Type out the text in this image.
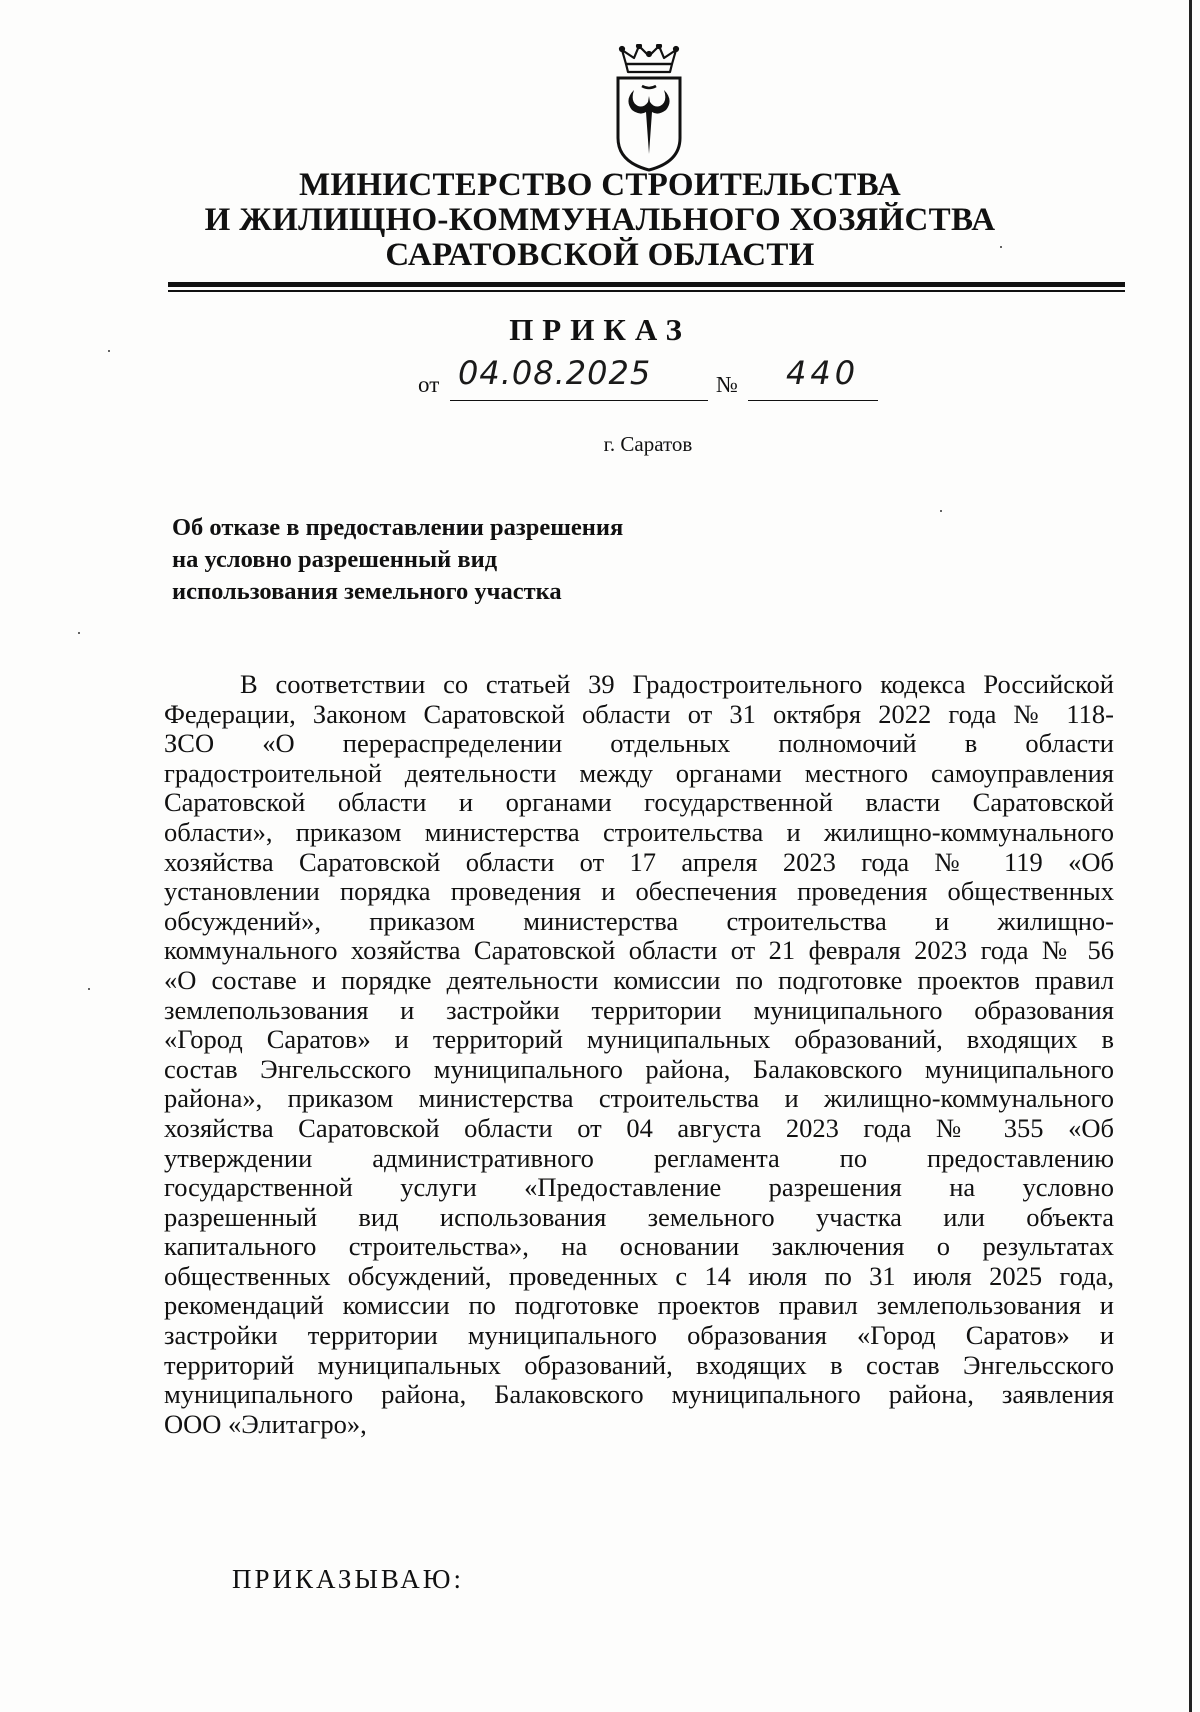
МИНИСТЕРСТВО СТРОИТЕЛЬСТВА
И ЖИЛИЩНО-КОММУНАЛЬНОГО ХОЗЯЙСТВА
САРАТОВСКОЙ ОБЛАСТИ
ПРИКАЗ
от 04.08.2025	№ 440
г. Саратов
Об отказе в предоставлении разрешения
на условно разрешенный вид
использования земельного участка
В соответствии со статьей 39 Градостроительного кодекса Российской
Федерации, Законом Саратовской области от 31 октября 2022 года № 118-
ЗСО «О перераспределении отдельных полномочий в области
градостроительной деятельности между органами местного самоуправления
Саратовской области и органами государственной власти Саратовской
области», приказом министерства строительства и жилищно-коммунального
хозяйства Саратовской области от 17 апреля 2023 года № 119 «Об
установлении порядка проведения и обеспечения проведения общественных
обсуждений», приказом министерства строительства и жилищно-
коммунального хозяйства Саратовской области от 21 февраля 2023 года № 56
«О составе и порядке деятельности комиссии по подготовке проектов правил
землепользования и застройки территории муниципального образования
«Город Саратов» и территорий муниципальных образований, входящих в
состав Энгельсского муниципального района, Балаковского муниципального
района», приказом министерства строительства и жилищно-коммунального
хозяйства Саратовской области от 04 августа 2023 года № 355 «Об
утверждении административного регламента по предоставлению
государственной услуги «Предоставление разрешения на условно
разрешенный вид использования земельного участка или объекта
капитального строительства», на основании заключения о результатах
общественных обсуждений, проведенных с 14 июля по 31 июля 2025 года,
рекомендаций комиссии по подготовке проектов правил землепользования и
застройки территории муниципального образования «Город Саратов» и
территорий муниципальных образований, входящих в состав Энгельсского
муниципального района, Балаковского муниципального района, заявления
ООО «Элитагро»,
ПРИКАЗЫВАЮ:
